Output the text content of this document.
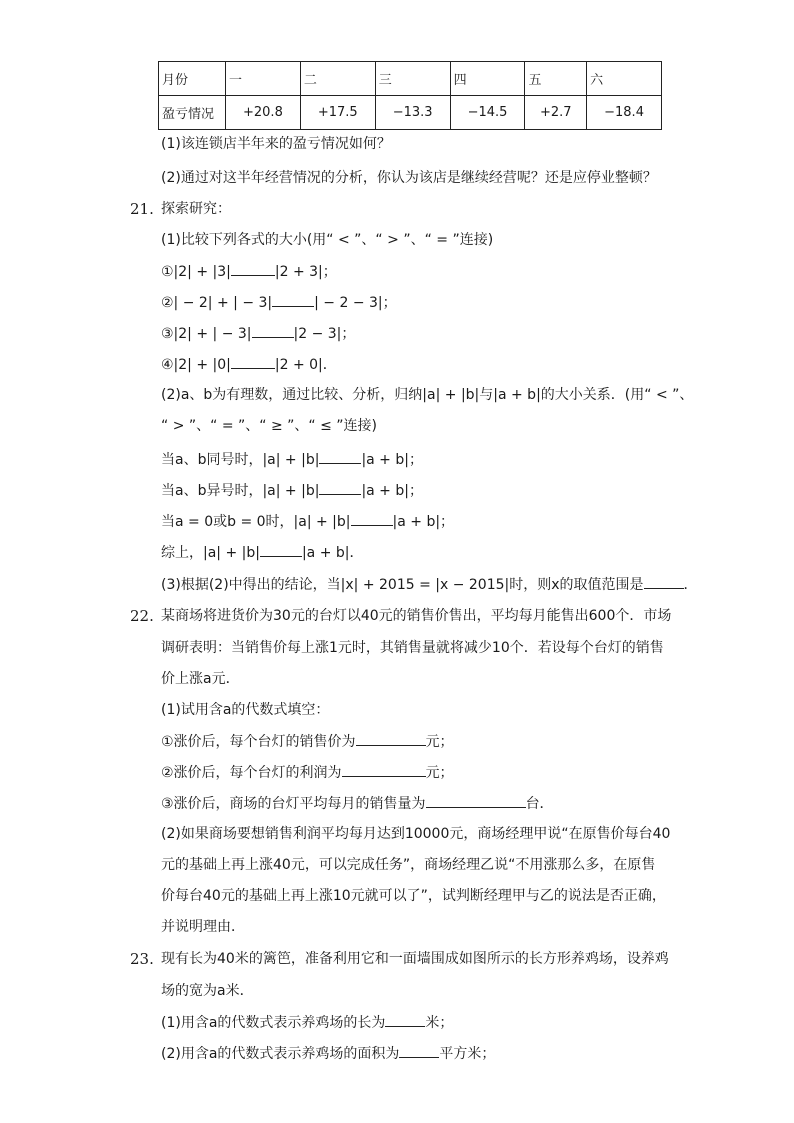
月份	一	二	三	四	五	六
盈亏情况	+20.8	+17.5	−13.3	−14.5	+2.7	−18.4
(1)该连锁店半年来的盈亏情况如何？
(2)通过对这半年经营情况的分析，你认为该店是继续经营呢？还是应停业整顿？
21. 探索研究：
(1)比较下列各式的大小(用“ < ”、“ > ”、“ = ”连接)
①|2| + |3|	|2 + 3|；
②| − 2| + | − 3|	| − 2 − 3|；
③|2| + | − 3|	|2 − 3|；
④|2| + |0|	|2 + 0|．
(2)a、b为有理数，通过比较、分析，归纳|a| + |b|与|a + b|的大小关系．(用“ < ”、
“ > ”、“ = ”、“ ≥ ”、“ ≤ ”连接)
当a、b同号时，|a| + |b|	|a + b|；
当a、b异号时，|a| + |b|	|a + b|；
当a = 0或b = 0时，|a| + |b|	|a + b|；
综上，|a| + |b|	|a + b|．
(3)根据(2)中得出的结论，当|x| + 2015 = |x − 2015|时，则x的取值范围是	．
22. 某商场将进货价为30元的台灯以40元的销售价售出，平均每月能售出600个．市场
调研表明：当销售价每上涨1元时，其销售量就将减少10个．若设每个台灯的销售
价上涨a元．
(1)试用含a的代数式填空：
①涨价后，每个台灯的销售价为	元；
②涨价后，每个台灯的利润为	元；
③涨价后，商场的台灯平均每月的销售量为	台．
(2)如果商场要想销售利润平均每月达到10000元，商场经理甲说“在原售价每台40
元的基础上再上涨40元，可以完成任务”，商场经理乙说“不用涨那么多，在原售
价每台40元的基础上再上涨10元就可以了”，试判断经理甲与乙的说法是否正确，
并说明理由．
23. 现有长为40米的篱笆，准备利用它和一面墙围成如图所示的长方形养鸡场，设养鸡
场的宽为a米．
(1)用含a的代数式表示养鸡场的长为	米；
(2)用含a的代数式表示养鸡场的面积为	平方米；
